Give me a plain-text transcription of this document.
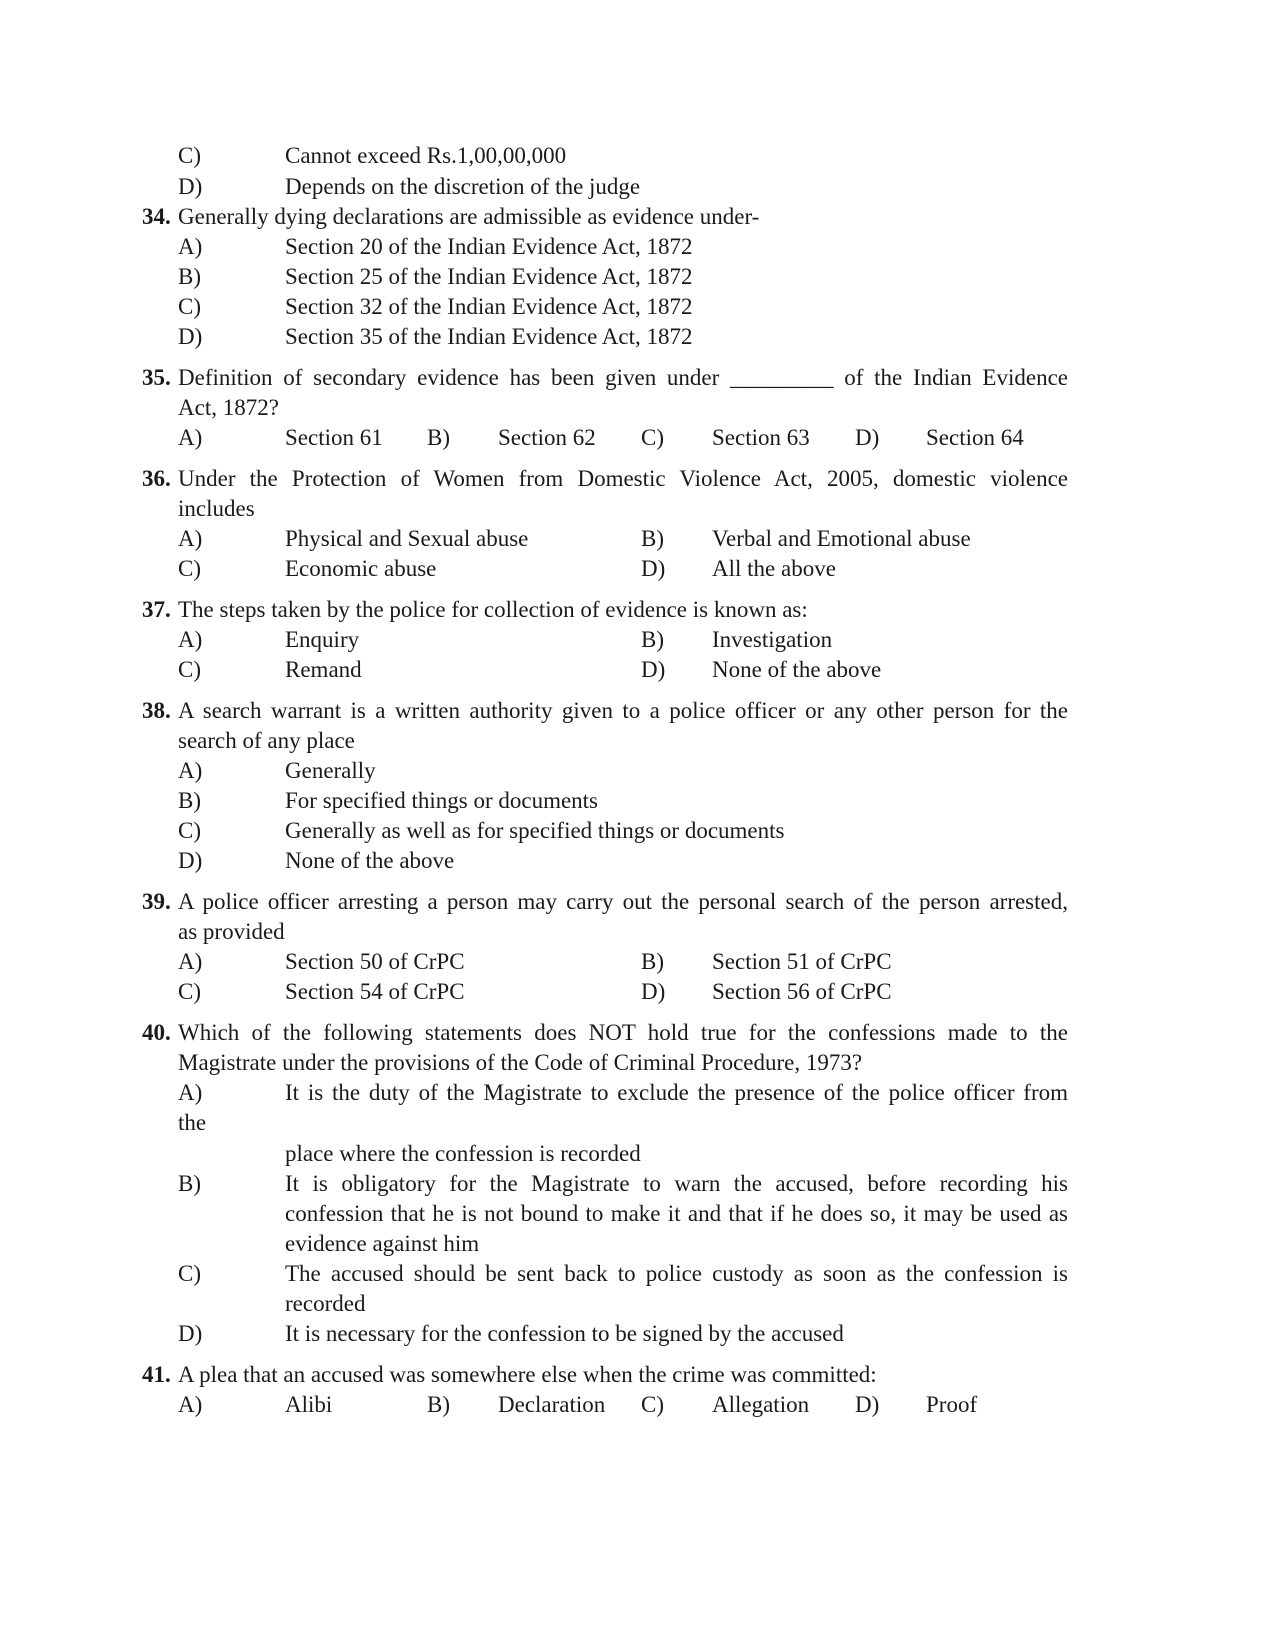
C)	Cannot exceed Rs.1,00,00,000
D)	Depends on the discretion of the judge
34. Generally dying declarations are admissible as evidence under-
A)	Section 20 of the Indian Evidence Act, 1872
B)	Section 25 of the Indian Evidence Act, 1872
C)	Section 32 of the Indian Evidence Act, 1872
D)	Section 35 of the Indian Evidence Act, 1872
35. Definition of secondary evidence has been given under _________ of the Indian Evidence
Act, 1872?
A)	Section 61 B) Section 62 C) Section 63 D) Section 64
36. Under the Protection of Women from Domestic Violence Act, 2005, domestic violence
includes
A)	Physical and Sexual abuse	B) Verbal and Emotional abuse
C)	Economic abuse	D) All the above
37. The steps taken by the police for collection of evidence is known as:
A)	Enquiry	B) Investigation
C)	Remand	D) None of the above
38. A search warrant is a written authority given to a police officer or any other person for the
search of any place
A)	Generally
B)	For specified things or documents
C)	Generally as well as for specified things or documents
D)	None of the above
39. A police officer arresting a person may carry out the personal search of the person arrested,
as provided
A)	Section 50 of CrPC	B) Section 51 of CrPC
C)	Section 54 of CrPC	D) Section 56 of CrPC
40. Which of the following statements does NOT hold true for the confessions made to the
Magistrate under the provisions of the Code of Criminal Procedure, 1973?
A)	It is the duty of the Magistrate to exclude the presence of the police officer from
the
place where the confession is recorded
B)	It is obligatory for the Magistrate to warn the accused, before recording his
confession that he is not bound to make it and that if he does so, it may be used as
evidence against him
C)	The accused should be sent back to police custody as soon as the confession is
recorded
D)	It is necessary for the confession to be signed by the accused
41. A plea that an accused was somewhere else when the crime was committed:
A)	Alibi	B) Declaration C) Allegation D) Proof
